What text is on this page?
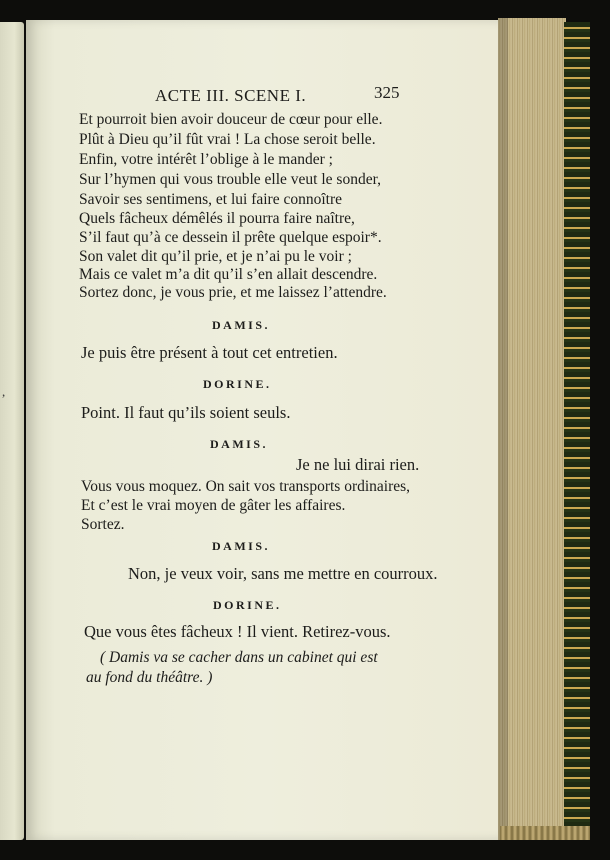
,
ACTE III. SCENE I.	325
Et pourroit bien avoir douceur de cœur pour elle.
Plût à Dieu qu’il fût vrai ! La chose seroit belle.
Enfin, votre intérêt l’oblige à le mander ;
Sur l’hymen qui vous trouble elle veut le sonder,
Savoir ses sentimens, et lui faire connoître
Quels fâcheux démêlés il pourra faire naître,
S’il faut qu’à ce dessein il prête quelque espoir*.
Son valet dit qu’il prie, et je n’ai pu le voir ;
Mais ce valet m’a dit qu’il s’en allait descendre.
Sortez donc, je vous prie, et me laissez l’attendre.
DAMIS.
Je puis être présent à tout cet entretien.
DORINE.
Point. Il faut qu’ils soient seuls.
DAMIS.
Je ne lui dirai rien.
Vous vous moquez. On sait vos transports ordinaires,
Et c’est le vrai moyen de gâter les affaires.
Sortez.
DAMIS.
Non, je veux voir, sans me mettre en courroux.
DORINE.
Que vous êtes fâcheux ! Il vient. Retirez-vous.
( Damis va se cacher dans un cabinet qui est
au fond du théâtre. )
